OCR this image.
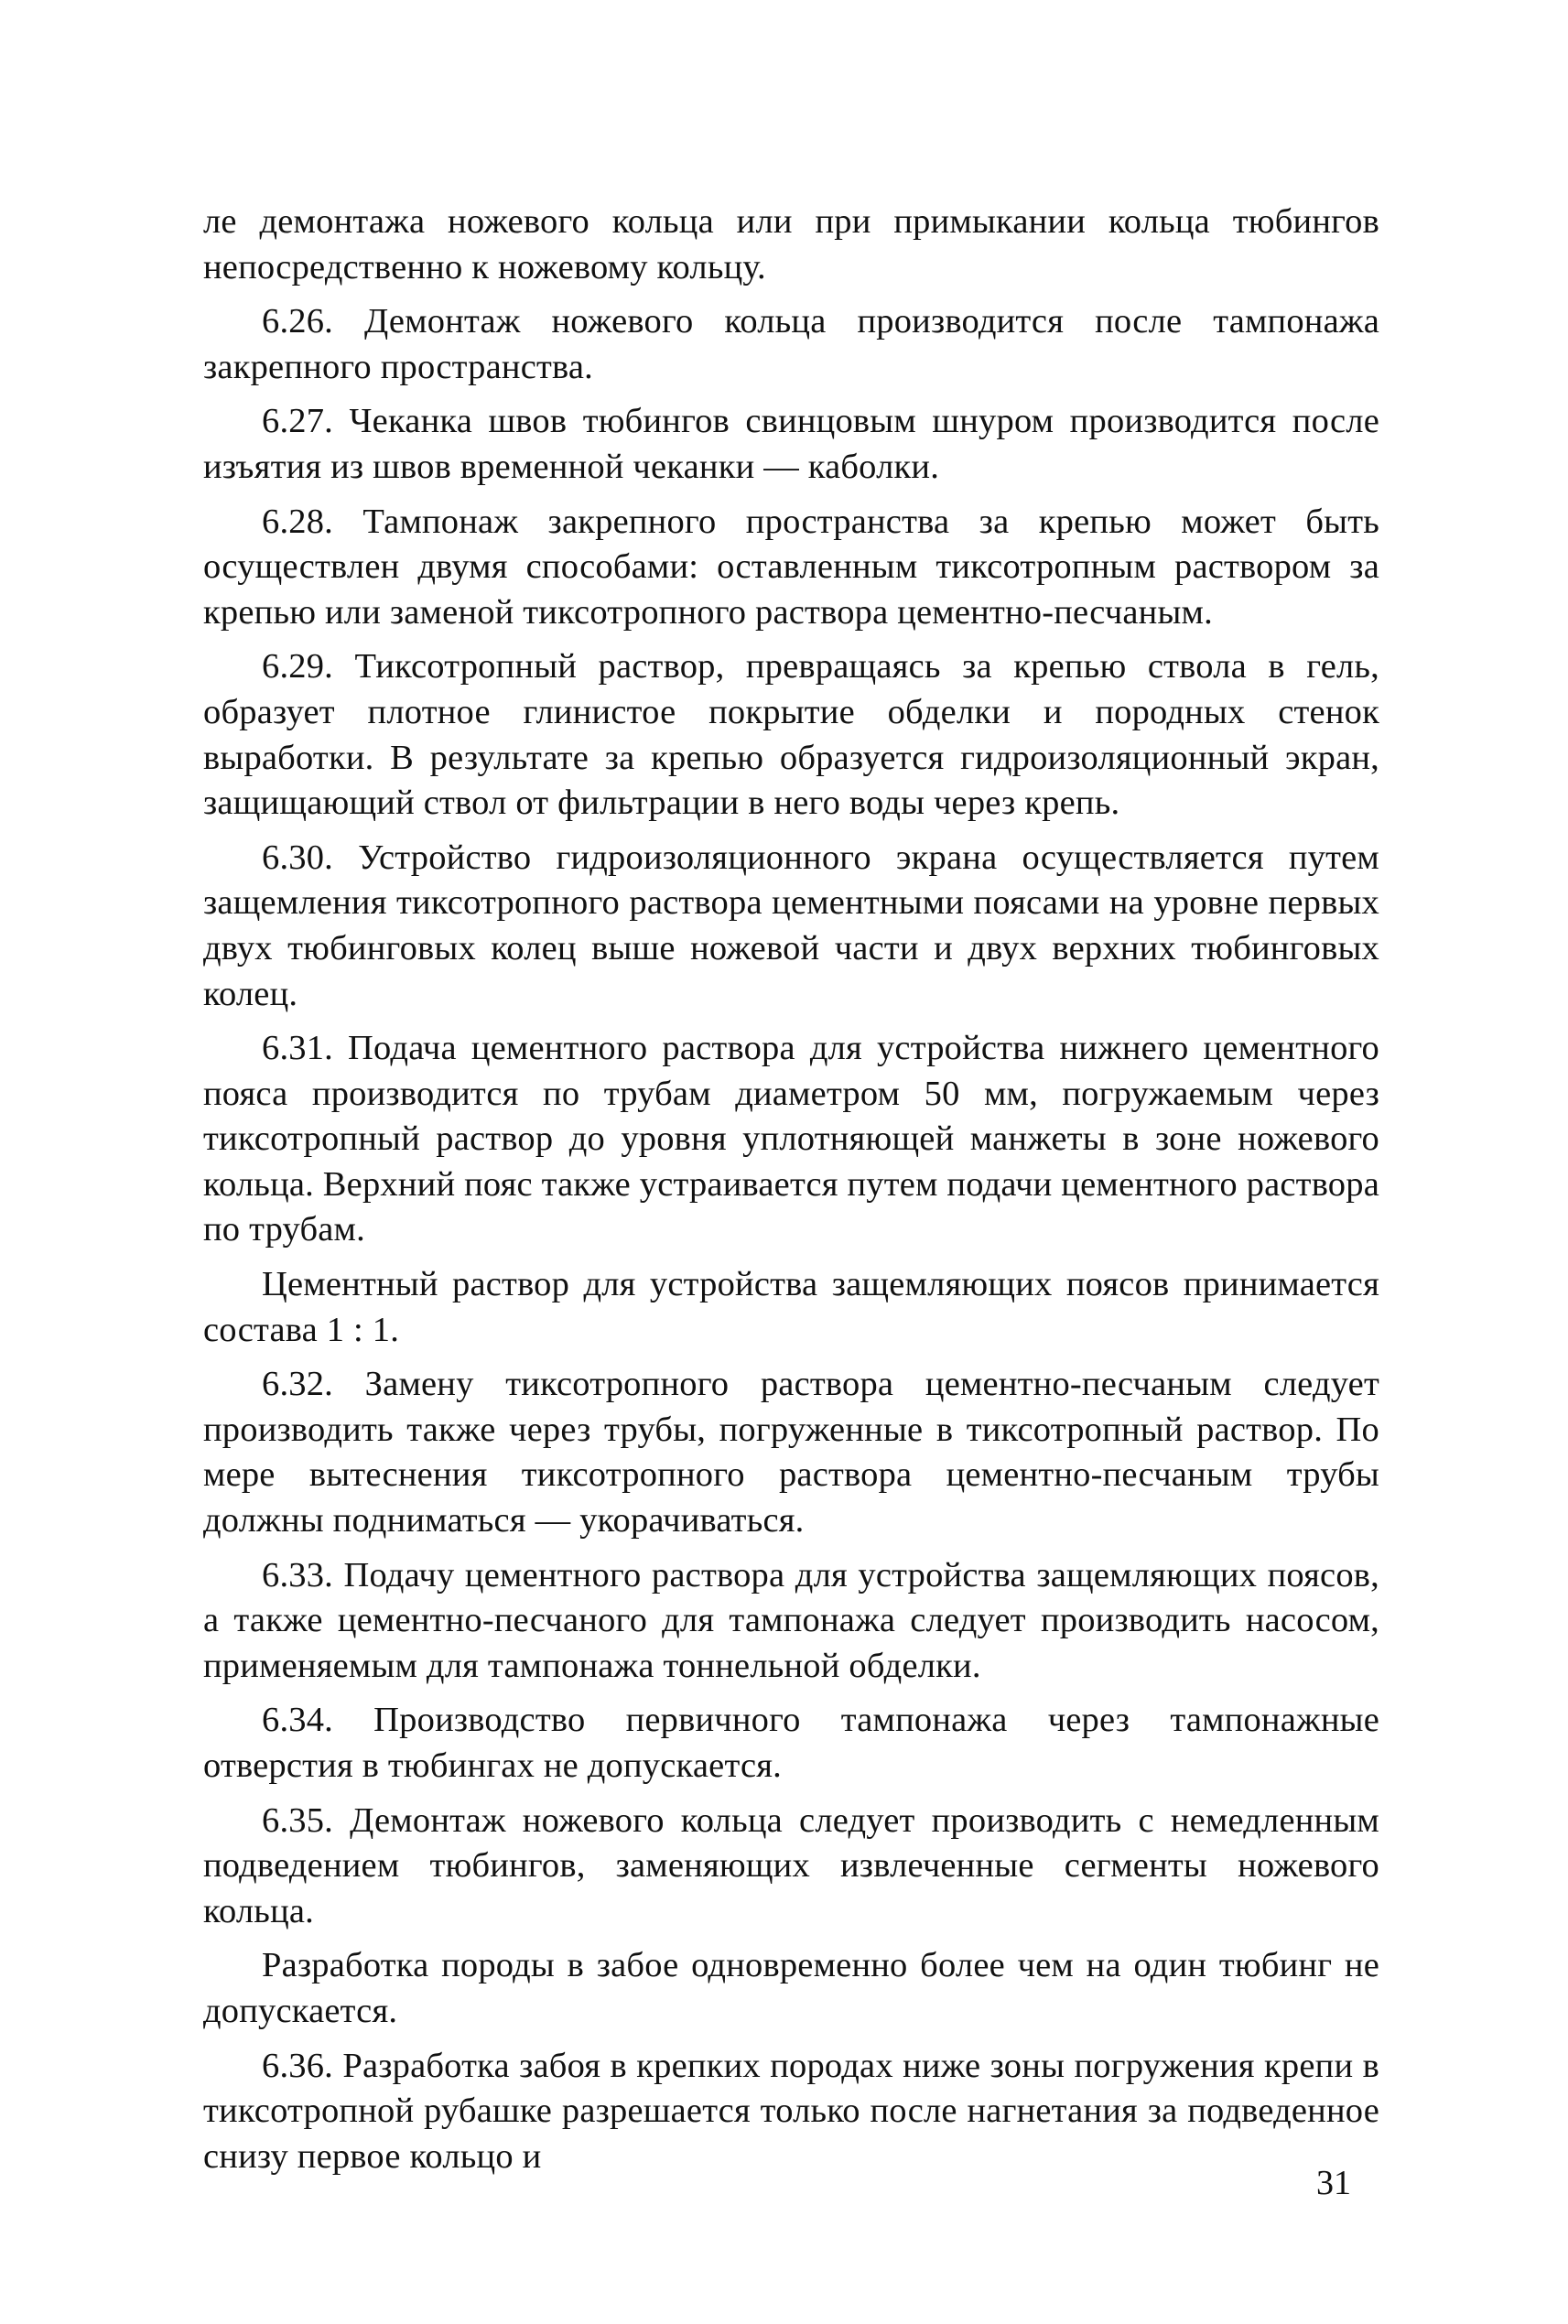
ле демонтажа ножевого кольца или при примыкании кольца тюбингов непосредственно к ножевому кольцу.

6.26. Демонтаж ножевого кольца производится после тампонажа закрепного пространства.

6.27. Чеканка швов тюбингов свинцовым шнуром производится после изъятия из швов временной чеканки — каболки.

6.28. Тампонаж закрепного пространства за крепью может быть осуществлен двумя способами: оставленным тиксотропным раствором за крепью или заменой тиксотропного раствора цементно-песчаным.

6.29. Тиксотропный раствор, превращаясь за крепью ствола в гель, образует плотное глинистое покрытие обделки и породных стенок выработки. В результате за крепью образуется гидроизоляционный экран, защищающий ствол от фильтрации в него воды через крепь.

6.30. Устройство гидроизоляционного экрана осуществляется путем защемления тиксотропного раствора цементными поясами на уровне первых двух тюбинговых колец выше ножевой части и двух верхних тюбинговых колец.

6.31. Подача цементного раствора для устройства нижнего цементного пояса производится по трубам диаметром 50 мм, погружаемым через тиксотропный раствор до уровня уплотняющей манжеты в зоне ножевого кольца. Верхний пояс также устраивается путем подачи цементного раствора по трубам.

Цементный раствор для устройства защемляющих поясов принимается состава 1 : 1.

6.32. Замену тиксотропного раствора цементно-песчаным следует производить также через трубы, погруженные в тиксотропный раствор. По мере вытеснения тиксотропного раствора цементно-песчаным трубы должны подниматься — укорачиваться.

6.33. Подачу цементного раствора для устройства защемляющих поясов, а также цементно-песчаного для тампонажа следует производить насосом, применяемым для тампонажа тоннельной обделки.

6.34. Производство первичного тампонажа через тампонажные отверстия в тюбингах не допускается.

6.35. Демонтаж ножевого кольца следует производить с немедленным подведением тюбингов, заменяющих извлеченные сегменты ножевого кольца.

Разработка породы в забое одновременно более чем на один тюбинг не допускается.

6.36. Разработка забоя в крепких породах ниже зоны погружения крепи в тиксотропной рубашке разрешается только после нагнетания за подведенное снизу первое кольцо и

31
